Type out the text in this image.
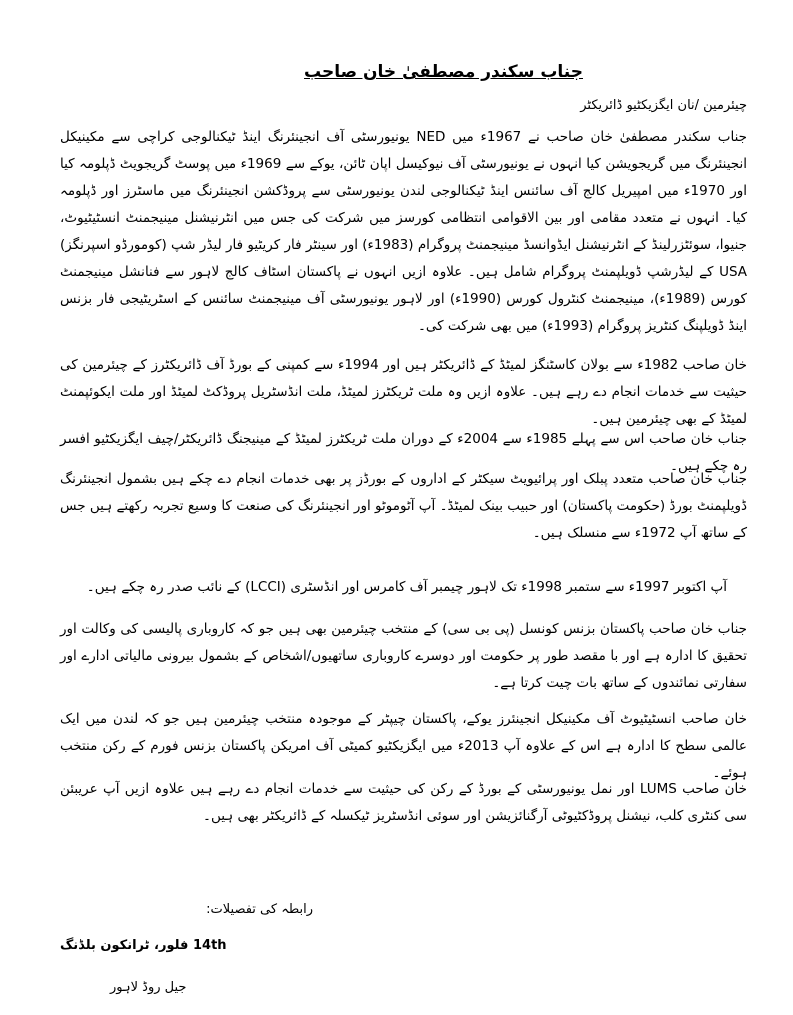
جناب سکندر مصطفیٰ خان صاحب
چیئرمین /نان ایگزیکٹیو ڈائریکٹر
جناب سکندر مصطفیٰ خان صاحب نے 1967ء میں NED یونیورسٹی آف انجینئرنگ اینڈ ٹیکنالوجی کراچی سے مکینیکل انجینئرنگ میں گریجویشن کیا انہوں نے یونیورسٹی آف نیوکیسل اپان ٹائن، یوکے سے 1969ء میں پوسٹ گریجویٹ ڈپلومہ کیا اور 1970ء میں امپیریل کالج آف سائنس اینڈ ٹیکنالوجی لندن یونیورسٹی سے پروڈکشن انجینئرنگ میں ماسٹرز اور ڈپلومہ کیا۔ انہوں نے متعدد مقامی اور بین الاقوامی انتظامی کورسز میں شرکت کی جس میں انٹرنیشنل مینیجمنٹ انسٹیٹیوٹ، جنیوا، سوئٹزرلینڈ کے انٹرنیشنل ایڈوانسڈ مینیجمنٹ پروگرام (1983ء) اور سینٹر فار کریٹیو فار لیڈر شپ (کومورڈو اسپرنگز) USA کے لیڈرشپ ڈویلپمنٹ پروگرام شامل ہیں۔ علاوہ ازیں انہوں نے پاکستان اسٹاف کالج لاہور سے فنانشل مینیجمنٹ کورس (1989ء)، مینیجمنٹ کنٹرول کورس (1990ء) اور لاہور یونیورسٹی آف مینیجمنٹ سائنس کے اسٹریٹیجی فار بزنس اینڈ ڈویلپنگ کنٹریز پروگرام (1993ء) میں بھی شرکت کی۔
خان صاحب 1982ء سے بولان کاسٹنگز لمیٹڈ کے ڈائریکٹر ہیں اور 1994ء سے کمپنی کے بورڈ آف ڈائریکٹرز کے چیئرمین کی حیثیت سے خدمات انجام دے رہے ہیں۔ علاوہ ازیں وہ ملت ٹریکٹرز لمیٹڈ، ملت انڈسٹریل پروڈکٹ لمیٹڈ اور ملت ایکوئپمنٹ لمیٹڈ کے بھی چیئرمین ہیں۔
جناب خان صاحب اس سے پہلے 1985ء سے 2004ء کے دوران ملت ٹریکٹرز لمیٹڈ کے مینیجنگ ڈائریکٹر/چیف ایگزیکٹیو افسر رہ چکے ہیں۔
جناب خان صاحب متعدد پبلک اور پرائیویٹ سیکٹر کے اداروں کے بورڈز پر بھی خدمات انجام دے چکے ہیں بشمول انجینئرنگ ڈویلپمنٹ بورڈ (حکومت پاکستان) اور حبیب بینک لمیٹڈ۔ آپ آٹوموٹو اور انجینئرنگ کی صنعت کا وسیع تجربہ رکھتے ہیں جس کے ساتھ آپ 1972ء سے منسلک ہیں۔
آپ اکتوبر 1997ء سے ستمبر 1998ء تک لاہور چیمبر آف کامرس اور انڈسٹری (LCCI) کے نائب صدر رہ چکے ہیں۔
جناب خان صاحب پاکستان بزنس کونسل (پی بی سی) کے منتخب چیئرمین بھی ہیں جو کہ کاروباری پالیسی کی وکالت اور تحقیق کا ادارہ ہے اور با مقصد طور پر حکومت اور دوسرے کاروباری ساتھیوں/اشخاص کے بشمول بیرونی مالیاتی ادارے اور سفارتی نمائندوں کے ساتھ بات چیت کرتا ہے۔
خان صاحب انسٹیٹیوٹ آف مکینیکل انجینئرز یوکے، پاکستان چیپٹر کے موجودہ منتخب چیئرمین ہیں جو کہ لندن میں ایک عالمی سطح کا ادارہ ہے اس کے علاوہ آپ 2013ء میں ایگزیکٹیو کمیٹی آف امریکن پاکستان بزنس فورم کے رکن منتخب ہوئے۔
خان صاحب LUMS اور نمل یونیورسٹی کے بورڈ کے رکن کی حیثیت سے خدمات انجام دے رہے ہیں علاوہ ازیں آپ عریبئن سی کنٹری کلب، نیشنل پروڈکٹیوٹی آرگنائزیشن اور سوئی انڈسٹریز ٹیکسلہ کے ڈائریکٹر بھی ہیں۔
رابطہ کی تفصیلات:
14th فلور، ٹرانکون بلڈنگ
جیل روڈ لاہور
